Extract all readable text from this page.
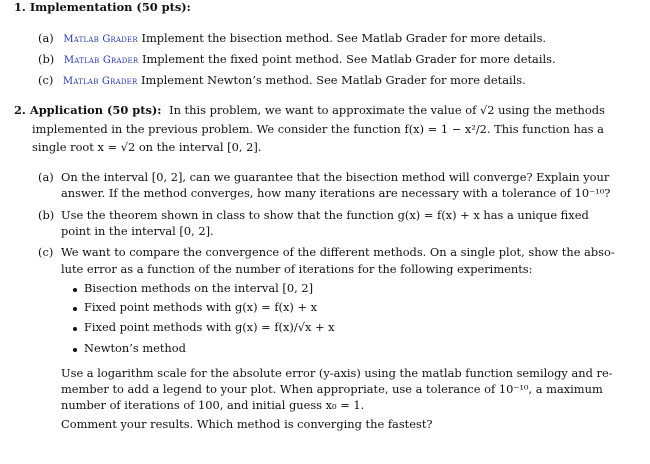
1. Implementation (50 pts):
(a) Matlab Grader Implement the bisection method. See Matlab Grader for more details.
(b) Matlab Grader Implement the fixed point method. See Matlab Grader for more details.
(c) Matlab Grader Implement Newton’s method. See Matlab Grader for more details.
2. Application (50 pts): In this problem, we want to approximate the value of √2 using the methods
implemented in the previous problem. We consider the function f(x) = 1 − x²/2. This function has a
single root x = √2 on the interval [0, 2].
(a) On the interval [0, 2], can we guarantee that the bisection method will converge? Explain your
answer. If the method converges, how many iterations are necessary with a tolerance of 10⁻¹⁰?
(b) Use the theorem shown in class to show that the function g(x) = f(x) + x has a unique fixed
point in the interval [0, 2].
(c) We want to compare the convergence of the different methods. On a single plot, show the abso-
lute error as a function of the number of iterations for the following experiments:
Bisection methods on the interval [0, 2]
Fixed point methods with g(x) = f(x) + x
Fixed point methods with g(x) = f(x)/√x + x
Newton’s method
Use a logarithm scale for the absolute error (y-axis) using the matlab function semilogy and re-
member to add a legend to your plot. When appropriate, use a tolerance of 10⁻¹⁰, a maximum
number of iterations of 100, and initial guess x₀ = 1.
Comment your results. Which method is converging the fastest?
